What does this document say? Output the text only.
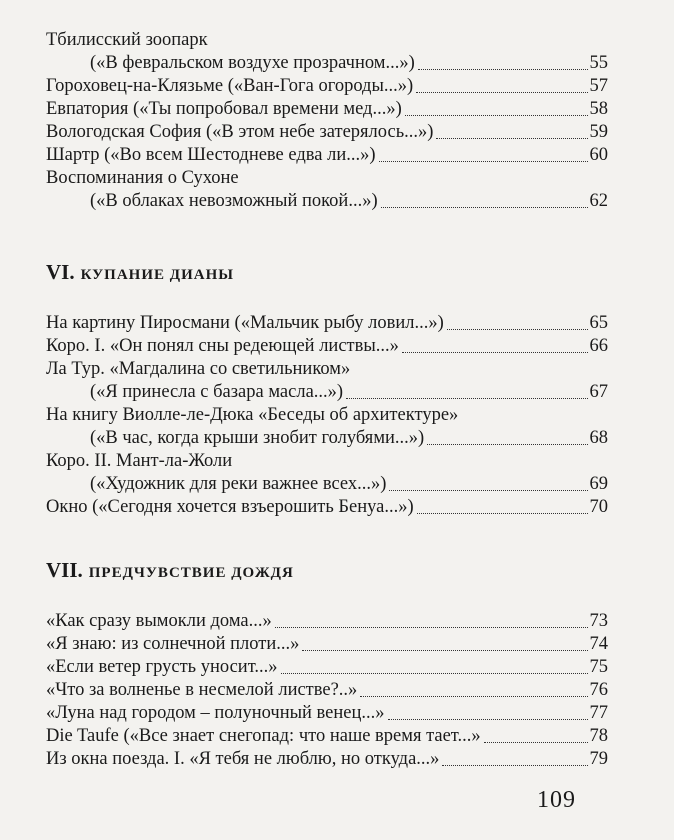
Тбилисский зоопарк
(«В февральском воздухе прозрачном...»)	55
Гороховец-на-Клязьме («Ван-Гога огороды...»)	57
Евпатория («Ты попробовал времени мед...»)	58
Вологодская София («В этом небе затерялось...»)	59
Шартр («Во всем Шестодневе едва ли...»)	60
Воспоминания о Сухоне
(«В облаках невозможный покой...»)	62
VI. КУПАНИЕ ДИАНЫ
На картину Пиросмани («Мальчик рыбу ловил...»)	65
Коро. I. «Он понял сны редеющей листвы...»	66
Ла Тур. «Магдалина со светильником»
(«Я принесла с базара масла...»)	67
На книгу Виолле-ле-Дюка «Беседы об архитектуре»
(«В час, когда крыши знобит голубями...»)	68
Коро. II. Мант-ла-Жоли
(«Художник для реки важнее всех...»)	69
Окно («Сегодня хочется взъерошить Бенуа...»)	70
VII. ПРЕДЧУВСТВИЕ ДОЖДЯ
«Как сразу вымокли дома...»	73
«Я знаю: из солнечной плоти...»	74
«Если ветер грусть уносит...»	75
«Что за волненье в несмелой листве?..»	76
«Луна над городом – полуночный венец...»	77
Die Taufe («Все знает снегопад: что наше время тает...»	78
Из окна поезда. I. «Я тебя не люблю, но откуда...»	79
109
